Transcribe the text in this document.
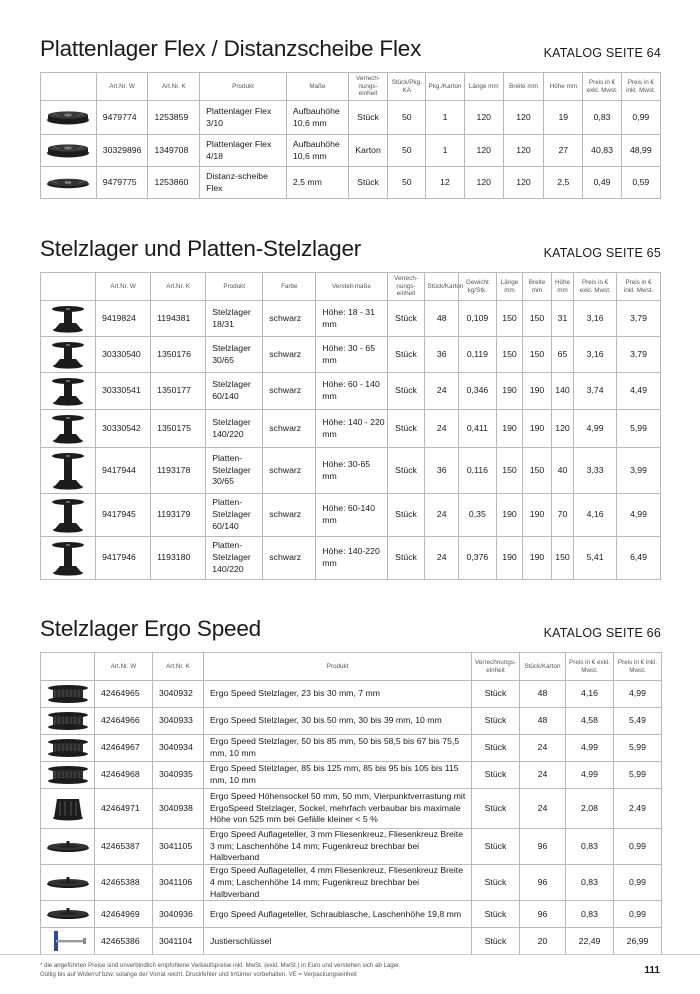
Plattenlager Flex / Distanzscheibe Flex	KATALOG SEITE 64
	Art.Nr. W	Art.Nr. K	Produkt	Maße	Verrech-nungs-einheit	Stück/Pkg. KA	Pkg./Karton	Länge mm	Breite mm	Höhe mm	Preis in € exkl. Mwst.	Preis in € inkl. Mwst.

	9479774	1253859	Plattenlager Flex 3/10	Aufbauhöhe 10,6 mm	Stück	50	1	120	120	19	0,83	0,99

	30329896	1349708	Plattenlager Flex 4/18	Aufbauhöhe 10,6 mm	Karton	50	1	120	120	27	40,83	48,99

	9479775	1253860	Distanz-scheibe Flex	2,5 mm	Stück	50	12	120	120	2,5	0,49	0,59
Stelzlager und Platten-Stelzlager	KATALOG SEITE 65
	Art.Nr. W	Art.Nr. K	Produkt	Farbe	Verstell-maße	Verrech-nungs-einheit	Stück/Karton	Gewicht kg/Stk.	Länge mm	Breite mm	Höhe mm	Preis in € exkl. Mwst.	Preis in € inkl. Mwst.

	9419824	1194381	Stelzlager 18/31	schwarz	Höhe: 18 - 31 mm	Stück	48	0,109	150	150	31	3,16	3,79

	30330540	1350176	Stelzlager 30/65	schwarz	Höhe: 30 - 65 mm	Stück	36	0,119	150	150	65	3,16	3,79

	30330541	1350177	Stelzlager 60/140	schwarz	Höhe: 60 - 140 mm	Stück	24	0,346	190	190	140	3,74	4,49

	30330542	1350175	Stelzlager 140/220	schwarz	Höhe: 140 - 220 mm	Stück	24	0,411	190	190	120	4,99	5,99

	9417944	1193178	Platten-Stelzlager 30/65	schwarz	Höhe: 30-65 mm	Stück	36	0,116	150	150	40	3,33	3,99

	9417945	1193179	Platten-Stelzlager 60/140	schwarz	Höhe: 60-140 mm	Stück	24	0,35	190	190	70	4,16	4,99

	9417946	1193180	Platten-Stelzlager 140/220	schwarz	Höhe: 140-220 mm	Stück	24	0,376	190	190	150	5,41	6,49
Stelzlager Ergo Speed	KATALOG SEITE 66
	Art.Nr. W	Art.Nr. K	Produkt	Verrechnungs-einheit	Stück/Karton	Preis in € exkl. Mwst.	Preis in € inkl. Mwst.

	42464965	3040932	Ergo Speed Stelzlager, 23 bis 30 mm, 7 mm	Stück	48	4,16	4,99

	42464966	3040933	Ergo Speed Stelzlager, 30 bis 50 mm, 30 bis 39 mm, 10 mm	Stück	48	4,58	5,49

	42464967	3040934	Ergo Speed Stelzlager, 50 bis 85 mm, 50 bis 58,5 bis 67 bis 75,5 mm, 10 mm	Stück	24	4,99	5,99

	42464968	3040935	Ergo Speed Stelzlager, 85 bis 125 mm, 85 bis 95 bis 105 bis 115 mm, 10 mm	Stück	24	4,99	5,99

	42464971	3040938	Ergo Speed Höhensockel 50 mm, 50 mm, Vierpunktverrastung mit ErgoSpeed Stelzlager, Sockel, mehrfach verbaubar bis maximale Höhe von 525 mm bei Gefälle kleiner < 5 %	Stück	24	2,08	2,49

	42465387	3041105	Ergo Speed Auflageteller, 3 mm Fliesenkreuz, Fliesenkreuz Breite 3 mm; Laschenhöhe 14 mm; Fugenkreuz brechbar bei Halbverband	Stück	96	0,83	0,99

	42465388	3041106	Ergo Speed Auflageteller, 4 mm Fliesenkreuz, Fliesenkreuz Breite 4 mm; Laschenhöhe 14 mm; Fugenkreuz brechbar bei Halbverband	Stück	96	0,83	0,99

	42464969	3040936	Ergo Speed Auflageteller, Schraublasche, Laschenhöhe 19,8 mm	Stück	96	0,83	0,99

	42465386	3041104	Justierschlüssel	Stück	20	22,49	26,99
* die angeführten Preise sind unverbindlich empfohlene Verkaufspreise inkl. MwSt. (exkl. MwSt.) in Euro und verstehen sich ab Lager.
Gültig bis auf Widerruf bzw. solange der Vorrat reicht. Druckfehler und Irrtümer vorbehalten. VE = Verpackungseinheit	111
